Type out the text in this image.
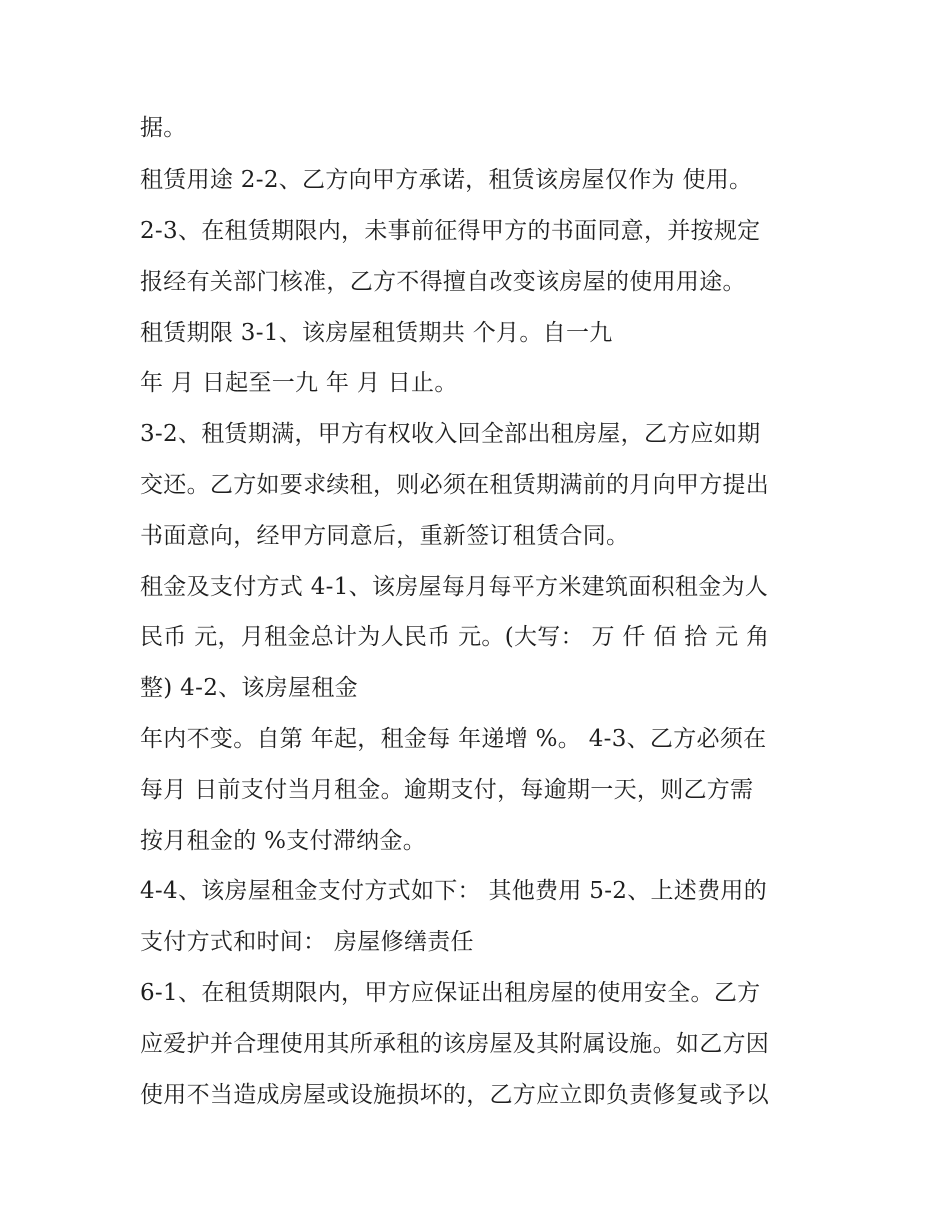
据。
租赁用途 2-2、乙方向甲方承诺，租赁该房屋仅作为 使用。
2-3、在租赁期限内，未事前征得甲方的书面同意，并按规定
报经有关部门核准，乙方不得擅自改变该房屋的使用用途。
租赁期限 3-1、该房屋租赁期共 个月。自一九
年 月 日起至一九 年 月 日止。
3-2、租赁期满，甲方有权收入回全部出租房屋，乙方应如期
交还。乙方如要求续租，则必须在租赁期满前的月向甲方提出
书面意向，经甲方同意后，重新签订租赁合同。
租金及支付方式 4-1、该房屋每月每平方米建筑面积租金为人
民币 元，月租金总计为人民币 元。(大写： 万 仟 佰 拾 元 角
整) 4-2、该房屋租金
年内不变。自第 年起，租金每 年递增 %。 4-3、乙方必须在
每月 日前支付当月租金。逾期支付，每逾期一天，则乙方需
按月租金的 %支付滞纳金。
4-4、该房屋租金支付方式如下： 其他费用 5-2、上述费用的
支付方式和时间： 房屋修缮责任
6-1、在租赁期限内，甲方应保证出租房屋的使用安全。乙方
应爱护并合理使用其所承租的该房屋及其附属设施。如乙方因
使用不当造成房屋或设施损坏的，乙方应立即负责修复或予以
